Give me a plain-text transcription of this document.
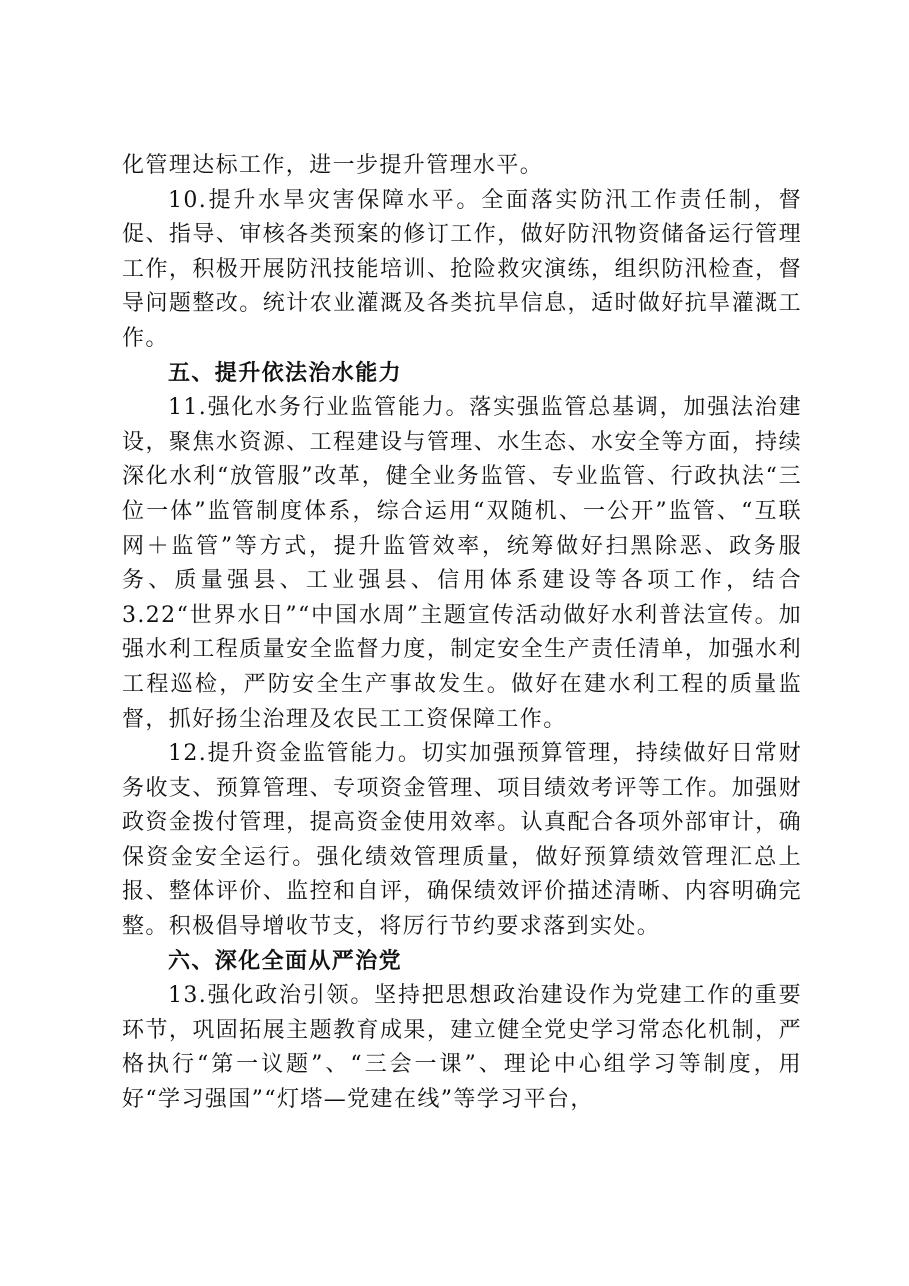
化管理达标工作，进一步提升管理水平。

10.提升水旱灾害保障水平。全面落实防汛工作责任制，督促、指导、审核各类预案的修订工作，做好防汛物资储备运行管理工作，积极开展防汛技能培训、抢险救灾演练，组织防汛检查，督导问题整改。统计农业灌溉及各类抗旱信息，适时做好抗旱灌溉工作。

五、提升依法治水能力

11.强化水务行业监管能力。落实强监管总基调，加强法治建设，聚焦水资源、工程建设与管理、水生态、水安全等方面，持续深化水利“放管服”改革，健全业务监管、专业监管、行政执法“三位一体”监管制度体系，综合运用“双随机、一公开”监管、“互联网＋监管”等方式，提升监管效率，统筹做好扫黑除恶、政务服务、质量强县、工业强县、信用体系建设等各项工作，结合3.22“世界水日”“中国水周”主题宣传活动做好水利普法宣传。加强水利工程质量安全监督力度，制定安全生产责任清单，加强水利工程巡检，严防安全生产事故发生。做好在建水利工程的质量监督，抓好扬尘治理及农民工工资保障工作。

12.提升资金监管能力。切实加强预算管理，持续做好日常财务收支、预算管理、专项资金管理、项目绩效考评等工作。加强财政资金拨付管理，提高资金使用效率。认真配合各项外部审计，确保资金安全运行。强化绩效管理质量，做好预算绩效管理汇总上报、整体评价、监控和自评，确保绩效评价描述清晰、内容明确完整。积极倡导增收节支，将厉行节约要求落到实处。

六、深化全面从严治党

13.强化政治引领。坚持把思想政治建设作为党建工作的重要环节，巩固拓展主题教育成果，建立健全党史学习常态化机制，严格执行“第一议题”、“三会一课”、理论中心组学习等制度，用好“学习强国”“灯塔—党建在线”等学习平台，
